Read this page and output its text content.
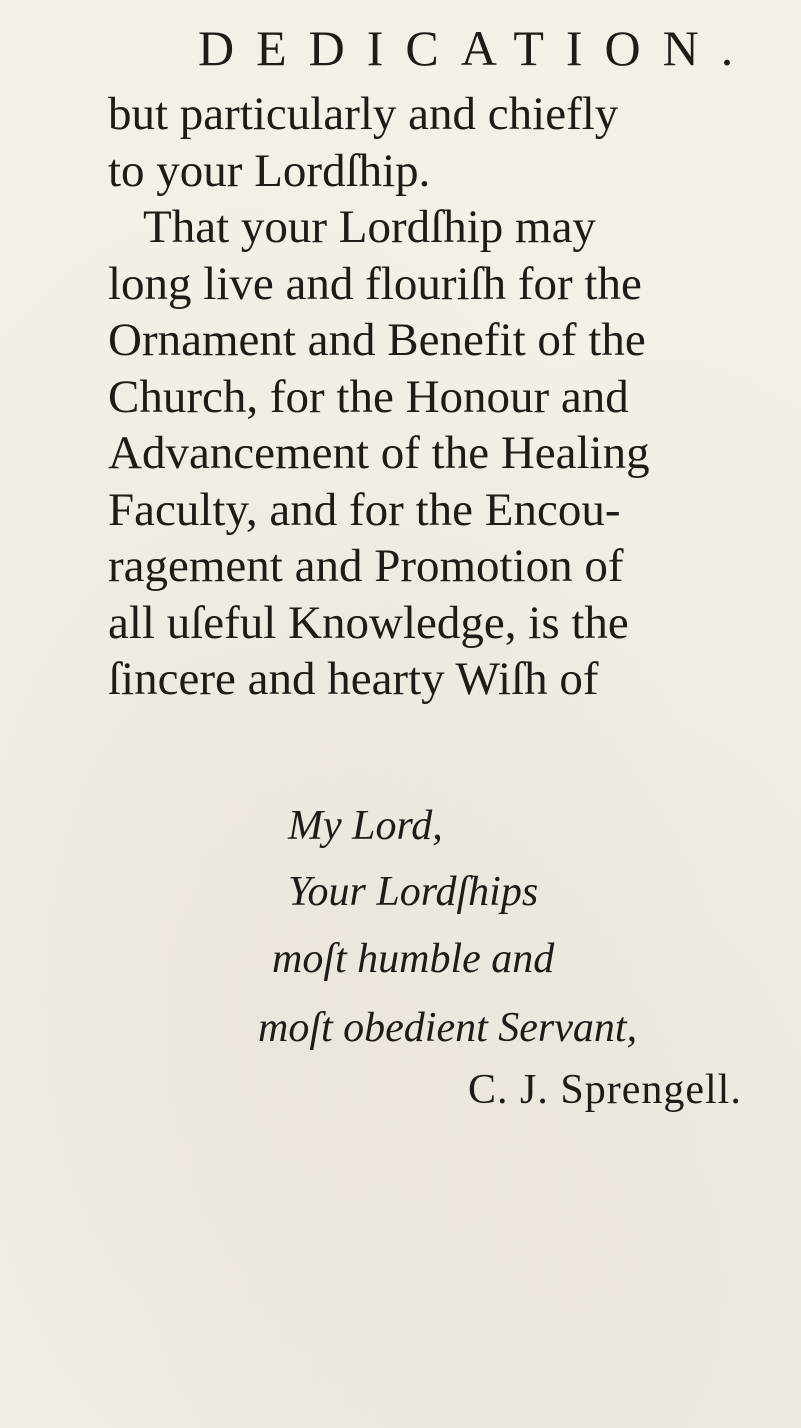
DEDICATION.
but particularly and chiefly
to your Lordſhip.
That your Lordſhip may
long live and flouriſh for the
Ornament and Benefit of the
Church, for the Honour and
Advancement of the Healing
Faculty, and for the Encou-
ragement and Promotion of
all uſeful Knowledge, is the
ſincere and hearty Wiſh of
My Lord,
Your Lordſhips
moſt humble and
moſt obedient Servant,
C. J. Sprengell.
